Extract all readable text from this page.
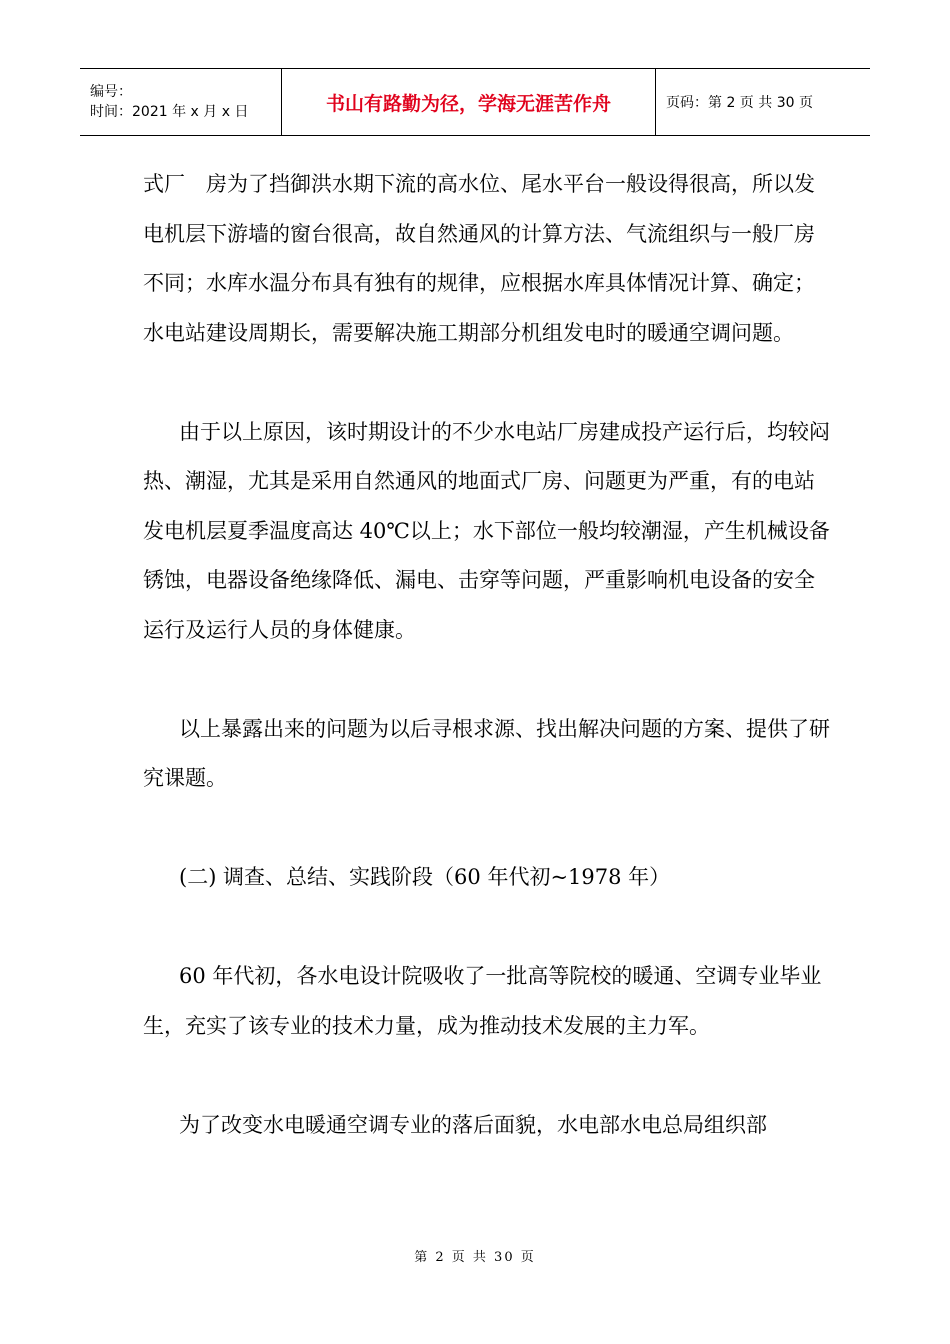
编号：
时间：2021 年 x 月 x 日	书山有路勤为径，学海无涯苦作舟	页码：第 2 页 共 30 页

式厂　房为了挡御洪水期下流的高水位、尾水平台一般设得很高，所以发电机层下游墙的窗台很高，故自然通风的计算方法、气流组织与一般厂房不同；水库水温分布具有独有的规律，应根据水库具体情况计算、确定；水电站建设周期长，需要解决施工期部分机组发电时的暖通空调问题。

由于以上原因，该时期设计的不少水电站厂房建成投产运行后，均较闷热、潮湿，尤其是采用自然通风的地面式厂房、问题更为严重，有的电站发电机层夏季温度高达 40℃以上；水下部位一般均较潮湿，产生机械设备锈蚀，电器设备绝缘降低、漏电、击穿等问题，严重影响机电设备的安全运行及运行人员的身体健康。

以上暴露出来的问题为以后寻根求源、找出解决问题的方案、提供了研究课题。

(二) 调查、总结、实践阶段（60 年代初~1978 年）

60 年代初，各水电设计院吸收了一批高等院校的暖通、空调专业毕业生，充实了该专业的技术力量，成为推动技术发展的主力军。

为了改变水电暖通空调专业的落后面貌，水电部水电总局组织部

第 2 页 共 30 页
